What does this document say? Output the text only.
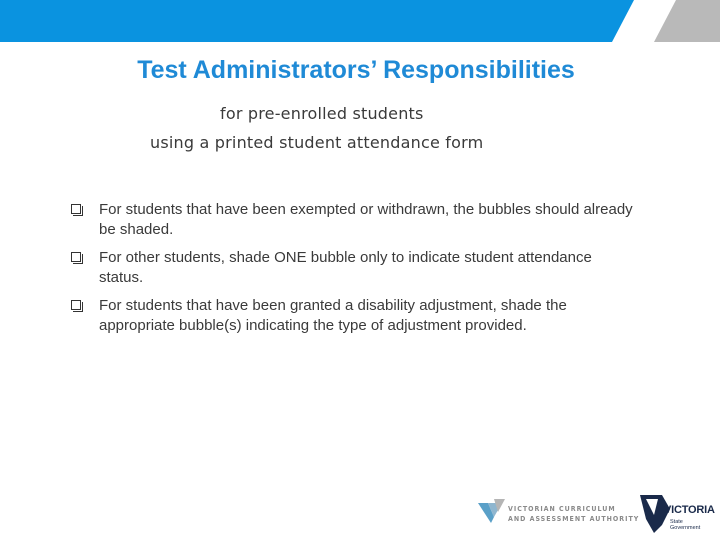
Test Administrators’ Responsibilities
for pre-enrolled students
using a printed student attendance form
For students that have been exempted or withdrawn, the bubbles should already be shaded.
For other students, shade ONE bubble only to indicate student attendance status.
For students that have been granted a disability adjustment, shade the appropriate bubble(s) indicating the type of adjustment provided.
VICTORIAN CURRICULUM
AND ASSESSMENT AUTHORITY
VICTORIA
State
Government
